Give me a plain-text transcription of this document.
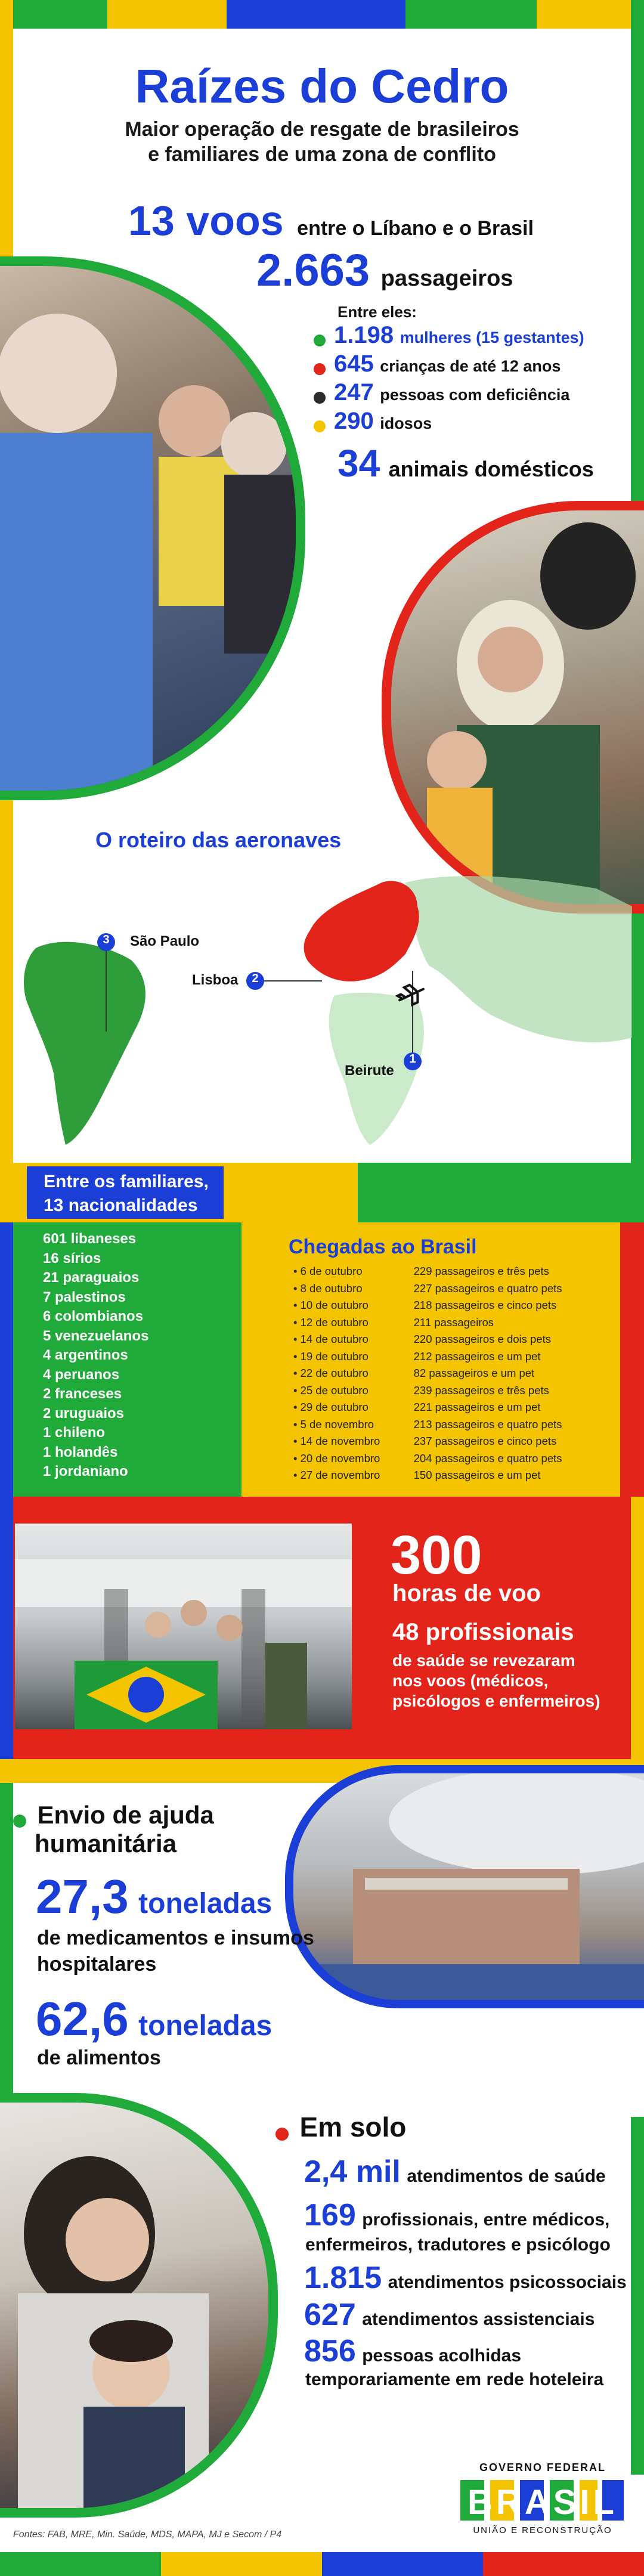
Raízes do Cedro
Maior operação de resgate de brasileiros
e familiares de uma zona de conflito
13 voos entre o Líbano e o Brasil
2.663 passageiros
Entre eles:
1.198 mulheres (15 gestantes)
645 crianças de até 12 anos
247 pessoas com deficiência
290 idosos
34 animais domésticos
O roteiro das aeronaves
1
Beirute
2
Lisboa
3 São Paulo
Entre os familiares,
13 nacionalidades
601 libaneses
16 sírios
21 paraguaios
7 palestinos
6 colombianos
5 venezuelanos
4 argentinos
4 peruanos
2 franceses
2 uruguaios
1 chileno
1 holandês
1 jordaniano
Chegadas ao Brasil
• 6 de outubro	229 passageiros e três pets
• 8 de outubro	227 passageiros e quatro pets
• 10 de outubro	218 passageiros e cinco pets
• 12 de outubro	211 passageiros
• 14 de outubro	220 passageiros e dois pets
• 19 de outubro	212 passageiros e um pet
• 22 de outubro	82 passageiros e um pet
• 25 de outubro	239 passageiros e três pets
• 29 de outubro	221 passageiros e um pet
• 5 de novembro	213 passageiros e quatro pets
• 14 de novembro	237 passageiros e cinco pets
• 20 de novembro	204 passageiros e quatro pets
• 27 de novembro	150 passageiros e um pet
300
horas de voo
48 profissionais
de saúde se revezaram
nos voos (médicos,
psicólogos e enfermeiros)
Envio de ajuda
humanitária
27,3 toneladas
de medicamentos e insumos
hospitalares
62,6 toneladas
de alimentos
Em solo
2,4 mil atendimentos de saúde
169 profissionais, entre médicos,
enfermeiros, tradutores e psicólogo
1.815 atendimentos psicossociais
627 atendimentos assistenciais
856 pessoas acolhidas
temporariamente em rede hoteleira
GOVERNO FEDERAL
BRASIL
UNIÃO E RECONSTRUÇÃO
Fontes: FAB, MRE, Min. Saúde, MDS, MAPA, MJ e Secom / P4
